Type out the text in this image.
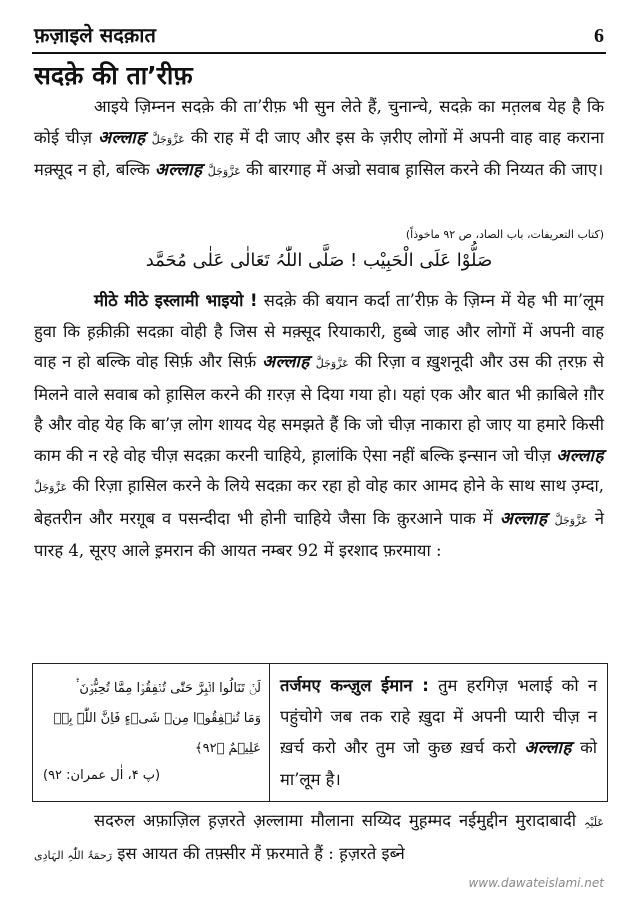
फ़ज़ाइले सदक़ात	6
सदक़े की ता’रीफ़
आइये ज़िम्नन सदक़े की ता’रीफ़ भी सुन लेते हैं, चुनान्चे, सदक़े का मत़लब येह है कि कोई चीज़ अल्लाह عَزَّوَجَلَّ की राह में दी जाए और इस के ज़रीए लोगों में अपनी वाह वाह कराना मक़्सूद न हो, बल्कि अल्लाह عَزَّوَجَلَّ की बारगाह में अज्रो सवाब ह़ासिल करने की निय्यत की जाए।
(کتاب التعریفات، باب الصاد، ص ۹۲ ماخوذاً)
صَلُّوْا عَلَی الْحَبِیْب ! صَلَّی اللّٰہُ تَعَالٰی عَلٰی مُحَمَّد
मीठे मीठे इस्लामी भाइयो ! सदक़े की बयान कर्दा ता’रीफ़ के ज़िम्न में येह भी मा’लूम हुवा कि ह़क़ीक़ी सदक़ा वोही है जिस से मक़्सूद रियाकारी, हुब्बे जाह और लोगों में अपनी वाह वाह न हो बल्कि वोह सिर्फ़ और सिर्फ़ अल्लाह عَزَّوَجَلَّ की रिज़ा व ख़ुशनूदी और उस की त़रफ़ से मिलने वाले सवाब को ह़ासिल करने की ग़रज़ से दिया गया हो। यहां एक और बात भी क़ाबिले ग़ौर है और वोह येह कि बा’ज़ लोग शायद येह समझते हैं कि जो चीज़ नाकारा हो जाए या हमारे किसी काम की न रहे वोह चीज़ सदक़ा करनी चाहिये, ह़ालांकि ऐसा नहीं बल्कि इन्सान जो चीज़ अल्लाह عَزَّوَجَلَّ की रिज़ा ह़ासिल करने के लिये सदक़ा कर रहा हो वोह कार आमद होने के साथ साथ उ़म्दा, बेहतरीन और मरग़ूब व पसन्दीदा भी होनी चाहिये जैसा कि क़ुरआने पाक में अल्लाह عَزَّوَجَلَّ ने पारह 4, सूरए आले इ़मरान की आयत नम्बर 92 में इरशाद फ़रमाया :
لَنۡ تَنَالُوا الۡبِرَّ حَتّٰی تُنۡفِقُوۡا مِمَّا تُحِبُّوۡنَ ۬ؕ
وَمَا تُنۡفِقُوۡا مِنۡ شَیۡءٍ فَاِنَّ اللّٰہَ بِہٖ عَلِیۡمٌ ﴿۹۲﴾
(پ ۴، اٰل عمران: ۹۲)
तर्जमए कन्ज़ुल ईमान : तुम हरगिज़ भलाई को न पहुंचोगे जब तक राहे ख़ुदा में अपनी प्यारी चीज़ न ख़र्च करो और तुम जो कुछ ख़र्च करो अल्लाह को मा’लूम है।
सदरुल अफ़ाज़िल ह़ज़रते अ़ल्लामा मौलाना सय्यिद मुह़म्मद नईमुद्दीन मुरादाबादी عَلَیْہِ رَحمَۃُ اللّٰہِ الہَادِی इस आयत की तफ़्सीर में फ़रमाते हैं : ह़ज़रते इब्ने
www.dawateislami.net
